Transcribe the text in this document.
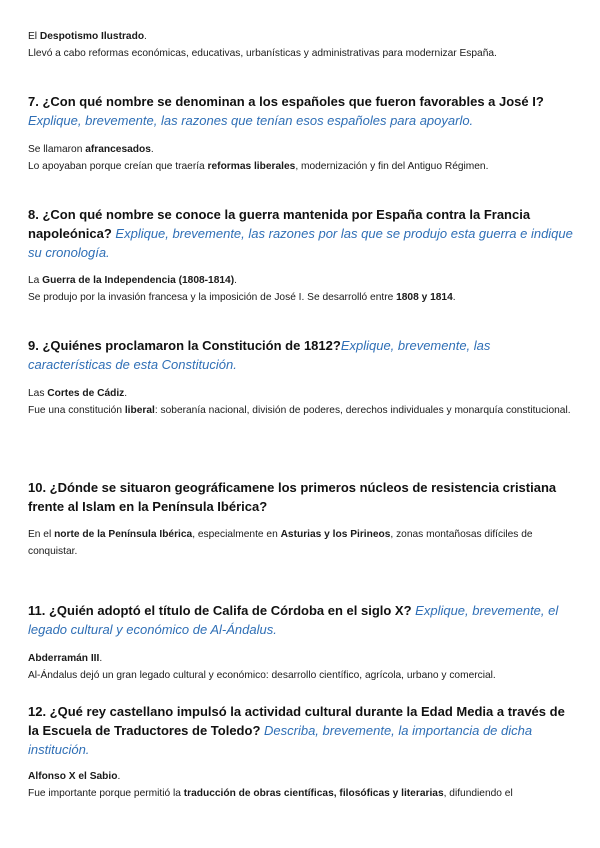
El Despotismo Ilustrado.

Llevó a cabo reformas económicas, educativas, urbanísticas y administrativas para modernizar España.

7. ¿Con qué nombre se denominan a los españoles que fueron favorables a José I?
Explique, brevemente, las razones que tenían esos españoles para apoyarlo.

Se llamaron afrancesados.

Lo apoyaban porque creían que traería reformas liberales, modernización y fin del Antiguo Régimen.

8. ¿Con qué nombre se conoce la guerra mantenida por España contra la Francia napoleónica? Explique, brevemente, las razones por las que se produjo esta guerra e indique su cronología.

La Guerra de la Independencia (1808-1814).

Se produjo por la invasión francesa y la imposición de José I. Se desarrolló entre 1808 y 1814.

9. ¿Quiénes proclamaron la Constitución de 1812?Explique, brevemente, las características de esta Constitución.

Las Cortes de Cádiz.

Fue una constitución liberal: soberanía nacional, división de poderes, derechos individuales y monarquía constitucional.

10. ¿Dónde se situaron geográficamene los primeros núcleos de resistencia cristiana frente al Islam en la Península Ibérica?

En el norte de la Península Ibérica, especialmente en Asturias y los Pirineos, zonas montañosas difíciles de conquistar.

11. ¿Quién adoptó el título de Califa de Córdoba en el siglo X? Explique, brevemente, el legado cultural y económico de Al-Ándalus.

Abderramán III.

Al-Ándalus dejó un gran legado cultural y económico: desarrollo científico, agrícola, urbano y comercial.

12. ¿Qué rey castellano impulsó la actividad cultural durante la Edad Media a través de la Escuela de Traductores de Toledo? Describa, brevemente, la importancia de dicha institución.

Alfonso X el Sabio.

Fue importante porque permitió la traducción de obras científicas, filosóficas y literarias, difundiendo el
